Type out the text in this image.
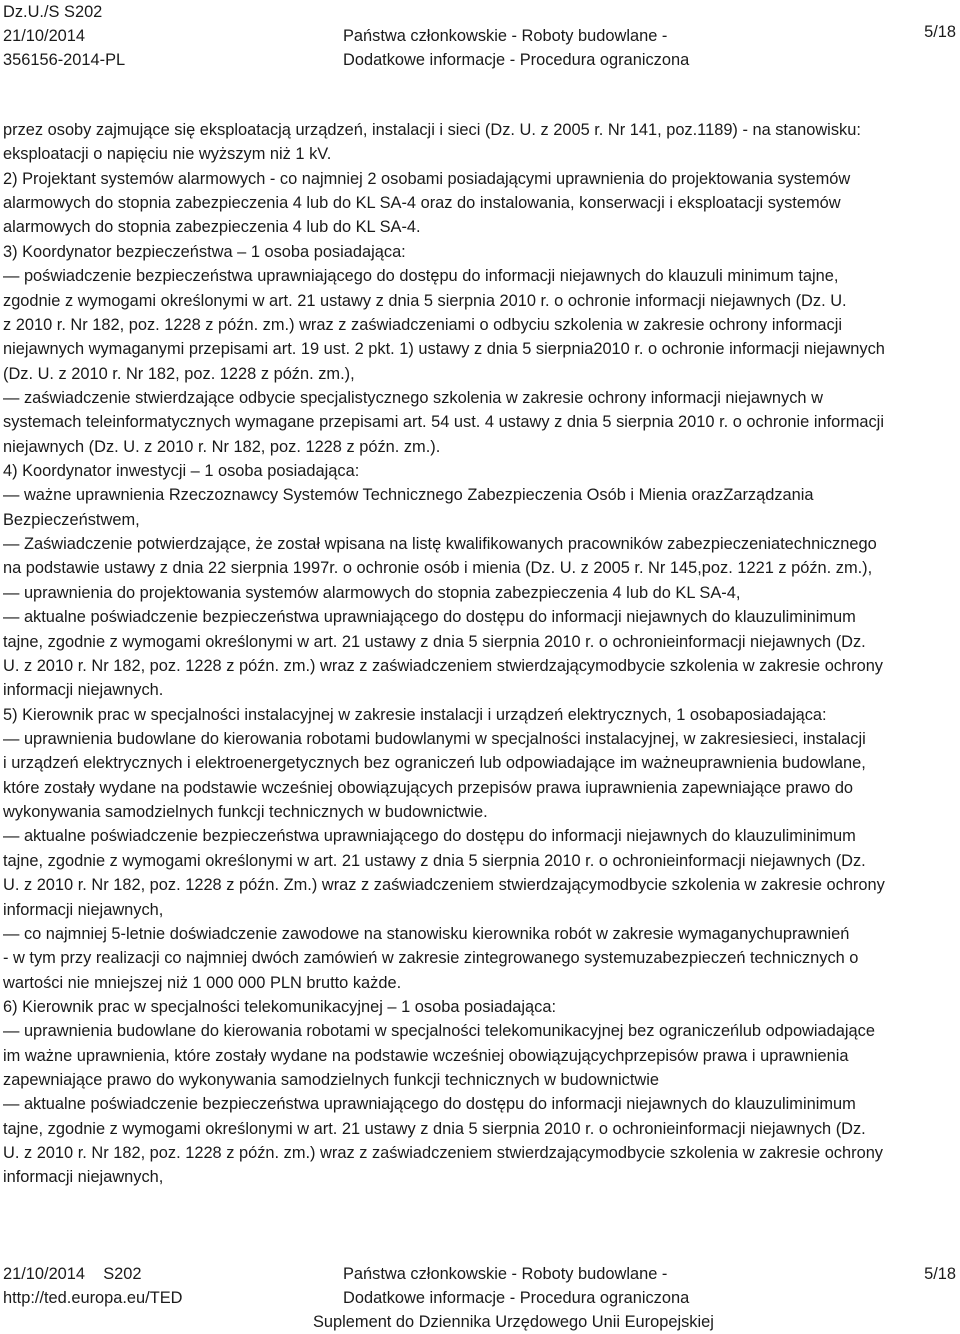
Dz.U./S S202
21/10/2014
356156-2014-PL
Państwa członkowskie - Roboty budowlane -
Dodatkowe informacje - Procedura ograniczona
5/18
przez osoby zajmujące się eksploatacją urządzeń, instalacji i sieci (Dz. U. z 2005 r. Nr 141, poz.1189) - na stanowisku:
eksploatacji o napięciu nie wyższym niż 1 kV.
2) Projektant systemów alarmowych - co najmniej 2 osobami posiadającymi uprawnienia do projektowania systemów
alarmowych do stopnia zabezpieczenia 4 lub do KL SA-4 oraz do instalowania, konserwacji i eksploatacji systemów
alarmowych do stopnia zabezpieczenia 4 lub do KL SA-4.
3) Koordynator bezpieczeństwa – 1 osoba posiadająca:
— poświadczenie bezpieczeństwa uprawniającego do dostępu do informacji niejawnych do klauzuli minimum tajne,
zgodnie z wymogami określonymi w art. 21 ustawy z dnia 5 sierpnia 2010 r. o ochronie informacji niejawnych (Dz. U.
z 2010 r. Nr 182, poz. 1228 z późn. zm.) wraz z zaświadczeniami o odbyciu szkolenia w zakresie ochrony informacji
niejawnych wymaganymi przepisami art. 19 ust. 2 pkt. 1) ustawy z dnia 5 sierpnia2010 r. o ochronie informacji niejawnych
(Dz. U. z 2010 r. Nr 182, poz. 1228 z późn. zm.),
— zaświadczenie stwierdzające odbycie specjalistycznego szkolenia w zakresie ochrony informacji niejawnych w
systemach teleinformatycznych wymagane przepisami art. 54 ust. 4 ustawy z dnia 5 sierpnia 2010 r. o ochronie informacji
niejawnych (Dz. U. z 2010 r. Nr 182, poz. 1228 z późn. zm.).
4) Koordynator inwestycji – 1 osoba posiadająca:
— ważne uprawnienia Rzeczoznawcy Systemów Technicznego Zabezpieczenia Osób i Mienia orazZarządzania
Bezpieczeństwem,
— Zaświadczenie potwierdzające, że został wpisana na listę kwalifikowanych pracowników zabezpieczeniatechnicznego
na podstawie ustawy z dnia 22 sierpnia 1997r. o ochronie osób i mienia (Dz. U. z 2005 r. Nr 145,poz. 1221 z późn. zm.),
— uprawnienia do projektowania systemów alarmowych do stopnia zabezpieczenia 4 lub do KL SA-4,
— aktualne poświadczenie bezpieczeństwa uprawniającego do dostępu do informacji niejawnych do klauzuliminimum
tajne, zgodnie z wymogami określonymi w art. 21 ustawy z dnia 5 sierpnia 2010 r. o ochronieinformacji niejawnych (Dz.
U. z 2010 r. Nr 182, poz. 1228 z późn. zm.) wraz z zaświadczeniem stwierdzającymodbycie szkolenia w zakresie ochrony
informacji niejawnych.
5) Kierownik prac w specjalności instalacyjnej w zakresie instalacji i urządzeń elektrycznych, 1 osobaposiadająca:
— uprawnienia budowlane do kierowania robotami budowlanymi w specjalności instalacyjnej, w zakresiesieci, instalacji
i urządzeń elektrycznych i elektroenergetycznych bez ograniczeń lub odpowiadające im ważneuprawnienia budowlane,
które zostały wydane na podstawie wcześniej obowiązujących przepisów prawa iuprawnienia zapewniające prawo do
wykonywania samodzielnych funkcji technicznych w budownictwie.
— aktualne poświadczenie bezpieczeństwa uprawniającego do dostępu do informacji niejawnych do klauzuliminimum
tajne, zgodnie z wymogami określonymi w art. 21 ustawy z dnia 5 sierpnia 2010 r. o ochronieinformacji niejawnych (Dz.
U. z 2010 r. Nr 182, poz. 1228 z późn. Zm.) wraz z zaświadczeniem stwierdzającymodbycie szkolenia w zakresie ochrony
informacji niejawnych,
— co najmniej 5-letnie doświadczenie zawodowe na stanowisku kierownika robót w zakresie wymaganychuprawnień
- w tym przy realizacji co najmniej dwóch zamówień w zakresie zintegrowanego systemuzabezpieczeń technicznych o
wartości nie mniejszej niż 1 000 000 PLN brutto każde.
6) Kierownik prac w specjalności telekomunikacyjnej – 1 osoba posiadająca:
— uprawnienia budowlane do kierowania robotami w specjalności telekomunikacyjnej bez ograniczeńlub odpowiadające
im ważne uprawnienia, które zostały wydane na podstawie wcześniej obowiązującychprzepisów prawa i uprawnienia
zapewniające prawo do wykonywania samodzielnych funkcji technicznych w budownictwie
— aktualne poświadczenie bezpieczeństwa uprawniającego do dostępu do informacji niejawnych do klauzuliminimum
tajne, zgodnie z wymogami określonymi w art. 21 ustawy z dnia 5 sierpnia 2010 r. o ochronieinformacji niejawnych (Dz.
U. z 2010 r. Nr 182, poz. 1228 z późn. zm.) wraz z zaświadczeniem stwierdzającymodbycie szkolenia w zakresie ochrony
informacji niejawnych,
21/10/2014    S202
http://ted.europa.eu/TED
Państwa członkowskie - Roboty budowlane -
Dodatkowe informacje - Procedura ograniczona
5/18
Suplement do Dziennika Urzędowego Unii Europejskiej
